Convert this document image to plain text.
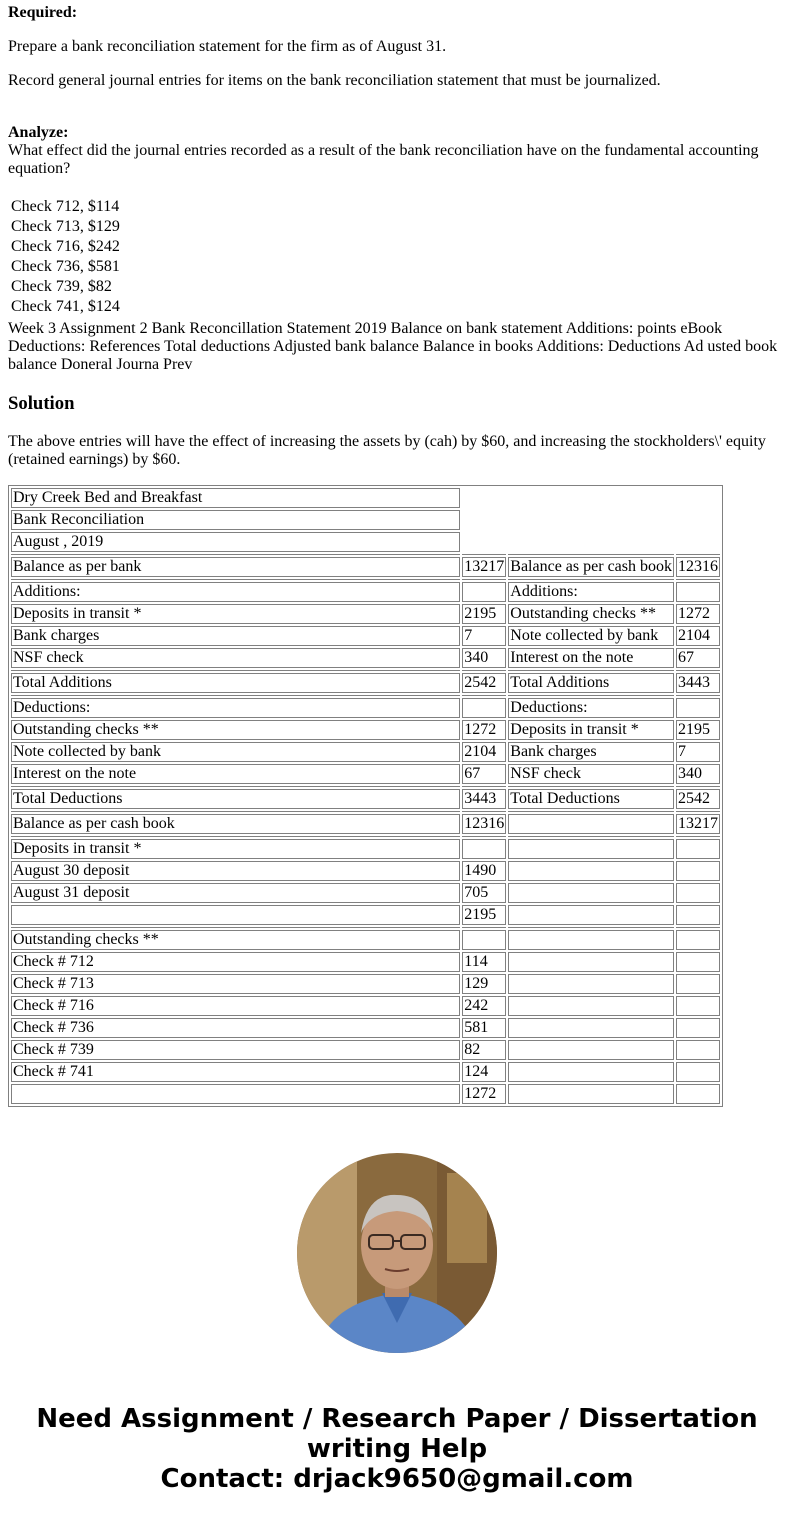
Required:

Prepare a bank reconciliation statement for the firm as of August 31.

Record general journal entries for items on the bank reconciliation statement that must be journalized.

Analyze:

What effect did the journal entries recorded as a result of the bank reconciliation have on the fundamental accounting equation?

Check 712,	$114
Check 713,	$129
Check 716,	$242
Check 736,	$581
Check 739,	$82
Check 741,	$124

Week 3 Assignment 2 Bank Reconcillation Statement 2019 Balance on bank statement Additions: points eBook Deductions: References Total deductions Adjusted bank balance Balance in books Additions: Deductions Ad usted book balance Doneral Journa Prev

Solution

The above entries will have the effect of increasing the assets by (cah) by $60, and increasing the stockholders\' equity (retained earnings) by $60.

Dry Creek Bed and Breakfast			
Bank Reconciliation			
August , 2019			

Balance as per bank	13217	Balance as per cash book	12316

Additions:		Additions:	
Deposits in transit *	2195	Outstanding checks **	1272
Bank charges	7	Note collected by bank	2104
NSF check	340	Interest on the note	67

Total Additions	2542	Total Additions	3443

Deductions:		Deductions:	
Outstanding checks **	1272	Deposits in transit *	2195
Note collected by bank	2104	Bank charges	7
Interest on the note	67	NSF check	340

Total Deductions	3443	Total Deductions	2542

Balance as per cash book	12316		13217

Deposits in transit *			
August 30 deposit	1490		
August 31 deposit	705		
	2195		

Outstanding checks **			
Check # 712	114		
Check # 713	129		
Check # 716	242		
Check # 736	581		
Check # 739	82		
Check # 741	124		
	1272		
Need Assignment / Research Paper / Dissertation
writing Help
Contact: drjack9650@gmail.com
